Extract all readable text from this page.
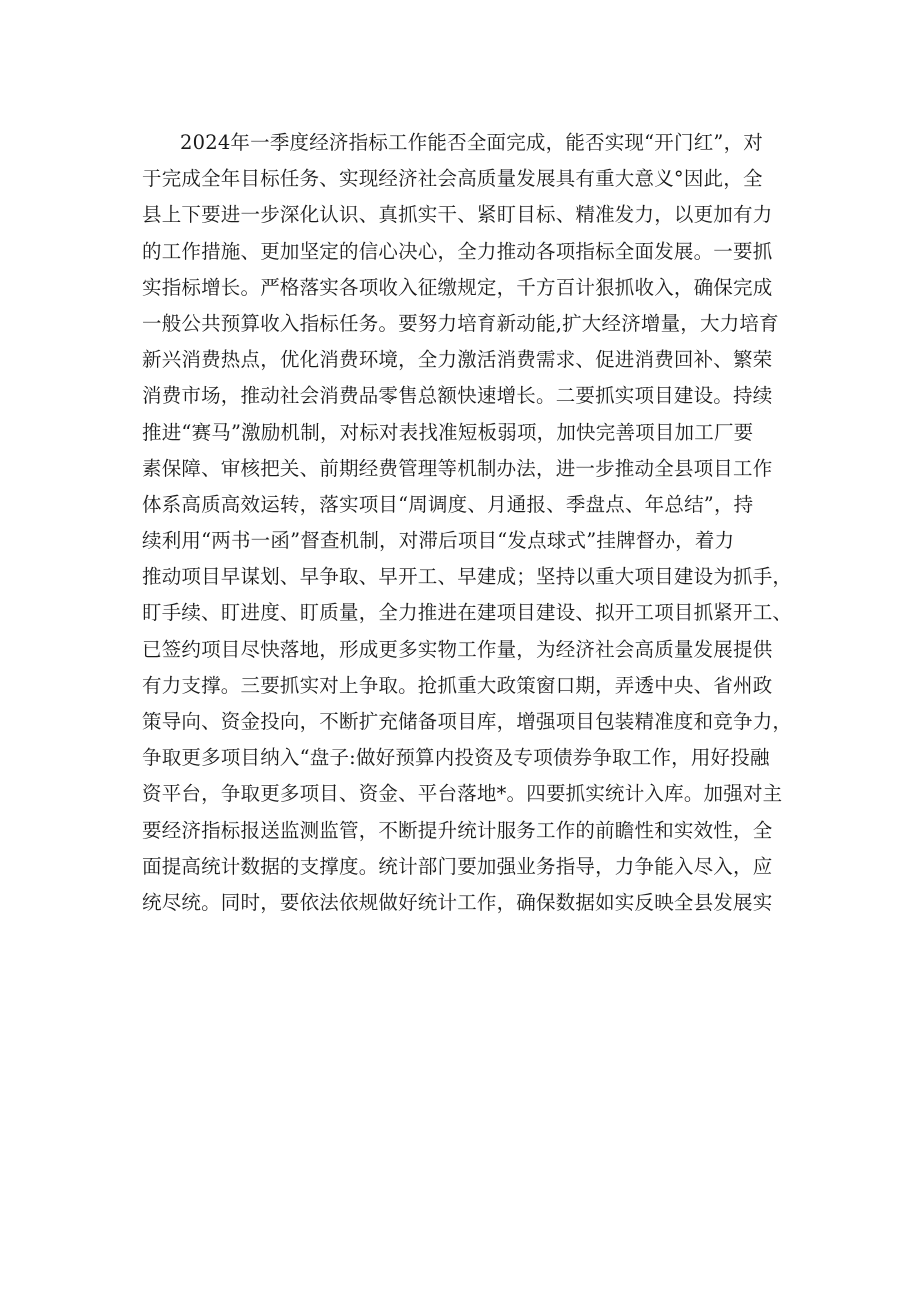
2024年一季度经济指标工作能否全面完成，能否实现“开门红”，对
于完成全年目标任务、实现经济社会高质量发展具有重大意义°因此，全
县上下要进一步深化认识、真抓实干、紧盯目标、精准发力，以更加有力
的工作措施、更加坚定的信心决心，全力推动各项指标全面发展。一要抓
实指标增长。严格落实各项收入征缴规定，千方百计狠抓收入，确保完成
一般公共预算收入指标任务。要努力培育新动能,扩大经济增量，大力培育
新兴消费热点，优化消费环境，全力激活消费需求、促进消费回补、繁荣
消费市场，推动社会消费品零售总额快速增长。二要抓实项目建设。持续
推进“赛马”激励机制，对标对表找准短板弱项，加快完善项目加工厂要
素保障、审核把关、前期经费管理等机制办法，进一步推动全县项目工作
体系高质高效运转，落实项目“周调度、月通报、季盘点、年总结”，持
续利用“两书一函”督查机制，对滞后项目“发点球式”挂牌督办，着力
推动项目早谋划、早争取、早开工、早建成；坚持以重大项目建设为抓手，
盯手续、盯进度、盯质量，全力推进在建项目建设、拟开工项目抓紧开工、
已签约项目尽快落地，形成更多实物工作量，为经济社会高质量发展提供
有力支撑。三要抓实对上争取。抢抓重大政策窗口期，弄透中央、省州政
策导向、资金投向，不断扩充储备项目库，增强项目包装精准度和竞争力，
争取更多项目纳入“盘子:做好预算内投资及专项债券争取工作，用好投融
资平台，争取更多项目、资金、平台落地*。四要抓实统计入库。加强对主
要经济指标报送监测监管，不断提升统计服务工作的前瞻性和实效性，全
面提高统计数据的支撑度。统计部门要加强业务指导，力争能入尽入，应
统尽统。同时，要依法依规做好统计工作，确保数据如实反映全县发展实
